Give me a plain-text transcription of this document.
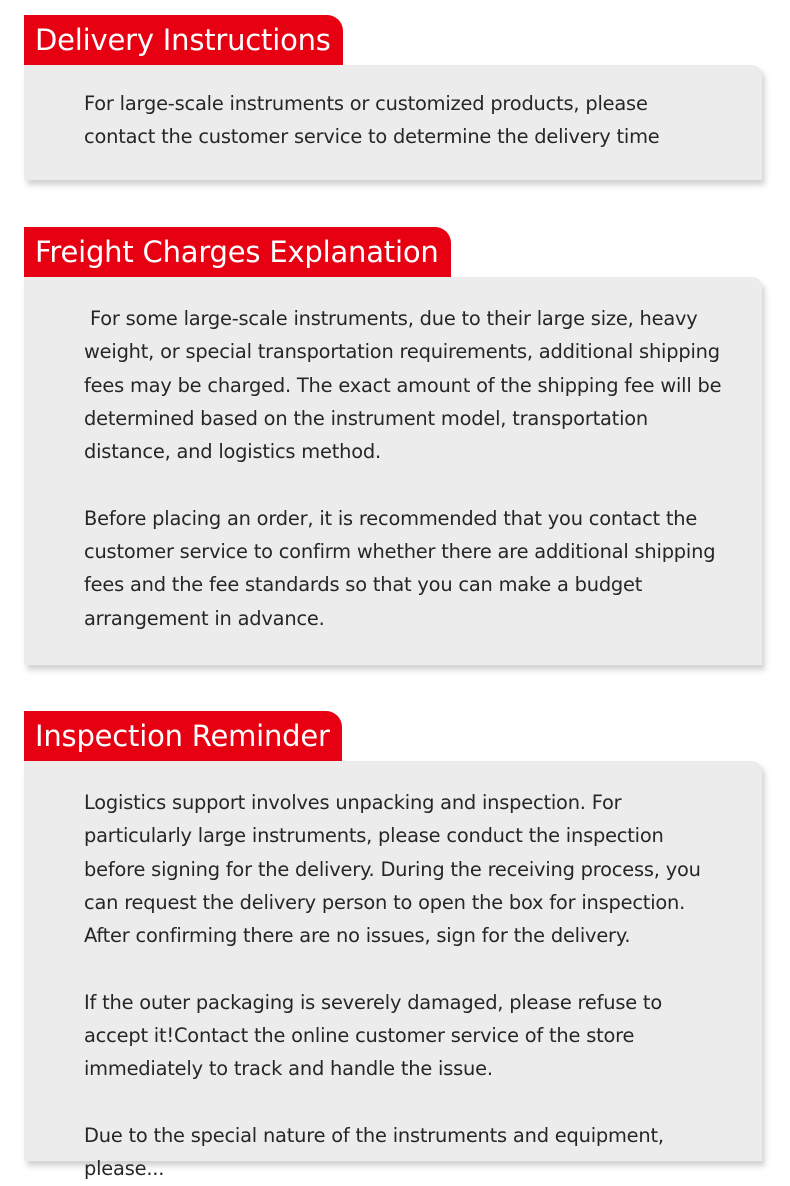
Delivery Instructions

For large-scale instruments or customized products, please contact the customer service to determine the delivery time

Freight Charges Explanation

For some large-scale instruments, due to their large size, heavy weight, or special transportation requirements, additional shipping fees may be charged. The exact amount of the shipping fee will be determined based on the instrument model, transportation distance, and logistics method.

Before placing an order, it is recommended that you contact the customer service to confirm whether there are additional shipping fees and the fee standards so that you can make a budget arrangement in advance.

Inspection Reminder

Logistics support involves unpacking and inspection. For particularly large instruments, please conduct the inspection before signing for the delivery. During the receiving process, you can request the delivery person to open the box for inspection. After confirming there are no issues, sign for the delivery.

If the outer packaging is severely damaged, please refuse to accept it!Contact the online customer service of the store immediately to track and handle the issue.

Due to the special nature of the instruments and equipment, please...
